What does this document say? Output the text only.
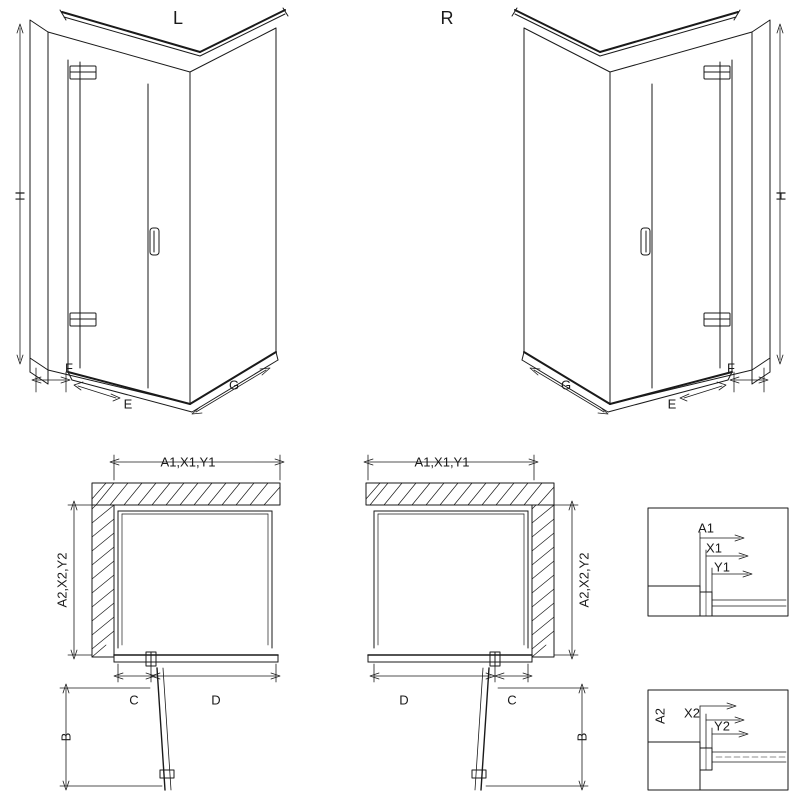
L	R
H	H
F
E
G
F
E
G
A1,X1,Y1
A2,X2,Y2
C	D
B
A1,X1,Y1
A2,X2,Y2
D	C
B
A1
X1
Y1
A2 X2
Y2
